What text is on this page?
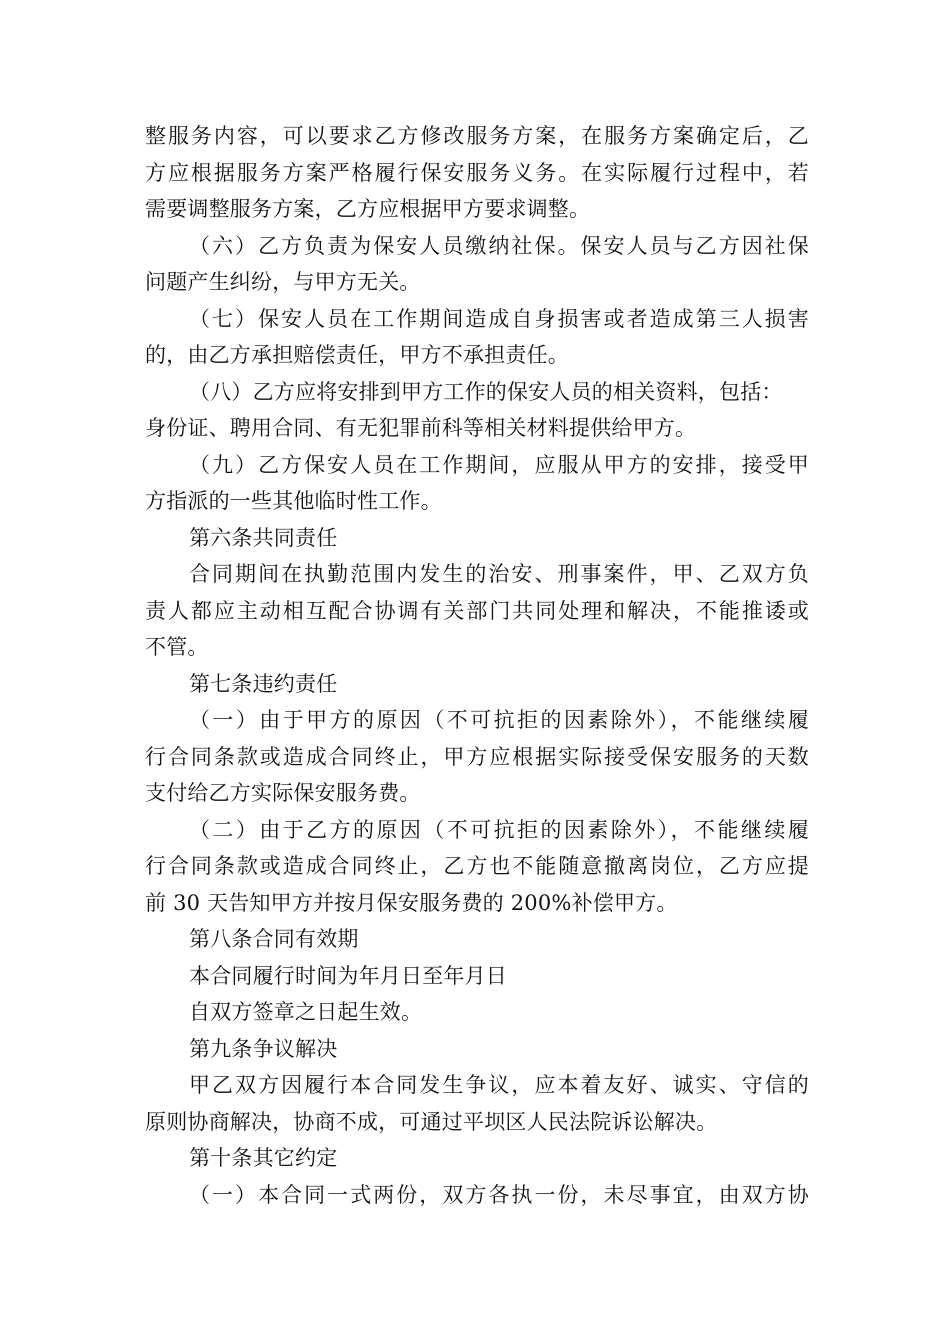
整服务内容，可以要求乙方修改服务方案，在服务方案确定后，乙
方应根据服务方案严格履行保安服务义务。在实际履行过程中，若
需要调整服务方案，乙方应根据甲方要求调整。
（六）乙方负责为保安人员缴纳社保。保安人员与乙方因社保
问题产生纠纷，与甲方无关。
（七）保安人员在工作期间造成自身损害或者造成第三人损害
的，由乙方承担赔偿责任，甲方不承担责任。
（八）乙方应将安排到甲方工作的保安人员的相关资料，包括：
身份证、聘用合同、有无犯罪前科等相关材料提供给甲方。
（九）乙方保安人员在工作期间，应服从甲方的安排，接受甲
方指派的一些其他临时性工作。
第六条共同责任
合同期间在执勤范围内发生的治安、刑事案件，甲、乙双方负
责人都应主动相互配合协调有关部门共同处理和解决，不能推诿或
不管。
第七条违约责任
（一）由于甲方的原因（不可抗拒的因素除外），不能继续履
行合同条款或造成合同终止，甲方应根据实际接受保安服务的天数
支付给乙方实际保安服务费。
（二）由于乙方的原因（不可抗拒的因素除外），不能继续履
行合同条款或造成合同终止，乙方也不能随意撤离岗位，乙方应提
前 30 天告知甲方并按月保安服务费的 200%补偿甲方。
第八条合同有效期
本合同履行时间为年月日至年月日
自双方签章之日起生效。
第九条争议解决
甲乙双方因履行本合同发生争议，应本着友好、诚实、守信的
原则协商解决，协商不成，可通过平坝区人民法院诉讼解决。
第十条其它约定
（一）本合同一式两份，双方各执一份，未尽事宜，由双方协
